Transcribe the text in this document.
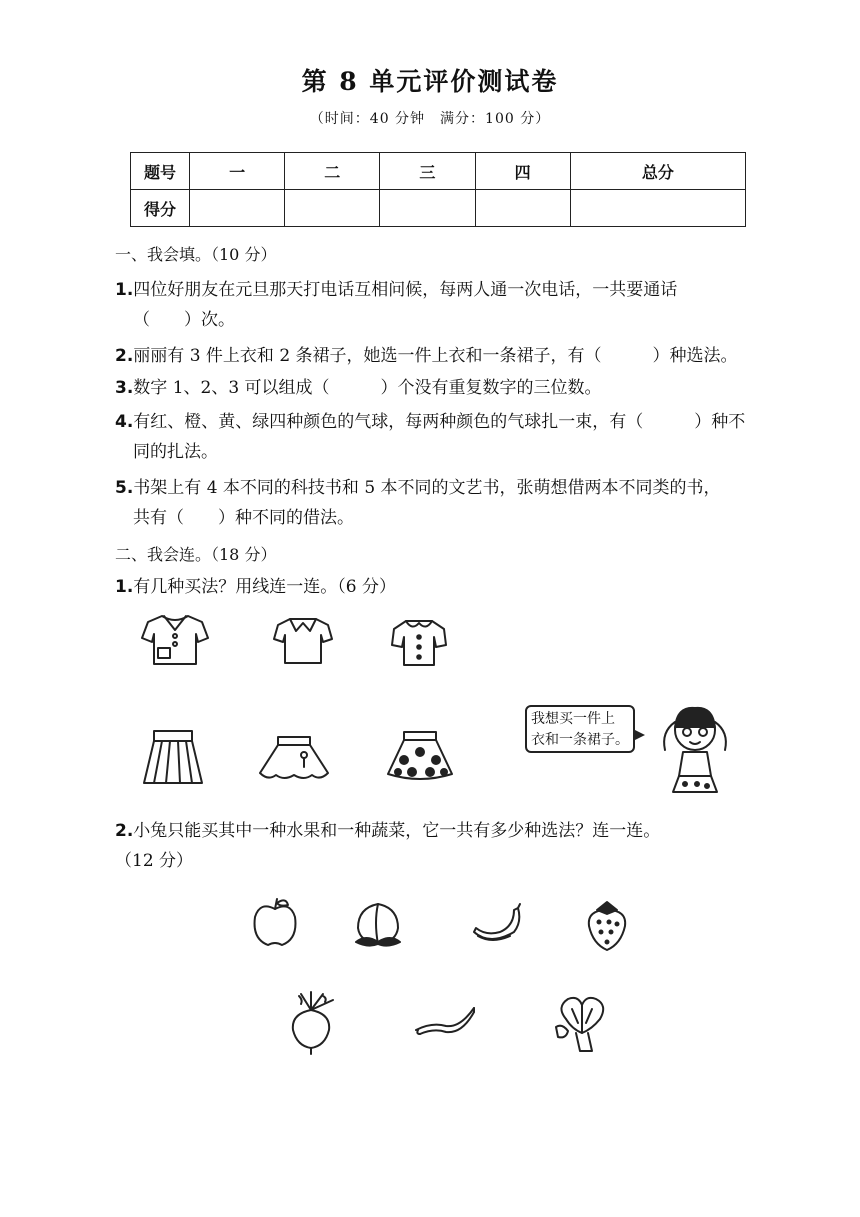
第 8 单元评价测试卷
（时间：40 分钟　满分：100 分）
题号	一	二	三	四	总分
得分					
一、我会填。（10 分）
1.四位好朋友在元旦那天打电话互相问候，每两人通一次电话，一共要通话
（　　）次。
2.丽丽有 3 件上衣和 2 条裙子，她选一件上衣和一条裙子，有（　　　）种选法。
3.数字 1、2、3 可以组成（　　　）个没有重复数字的三位数。
4.有红、橙、黄、绿四种颜色的气球，每两种颜色的气球扎一束，有（　　　）种不
同的扎法。
5.书架上有 4 本不同的科技书和 5 本不同的文艺书，张萌想借两本不同类的书，
共有（　　）种不同的借法。
二、我会连。（18 分）
1.有几种买法？用线连一连。（6 分）
我想买一件上
衣和一条裙子。
2.小兔只能买其中一种水果和一种蔬菜，它一共有多少种选法？连一连。
（12 分）
